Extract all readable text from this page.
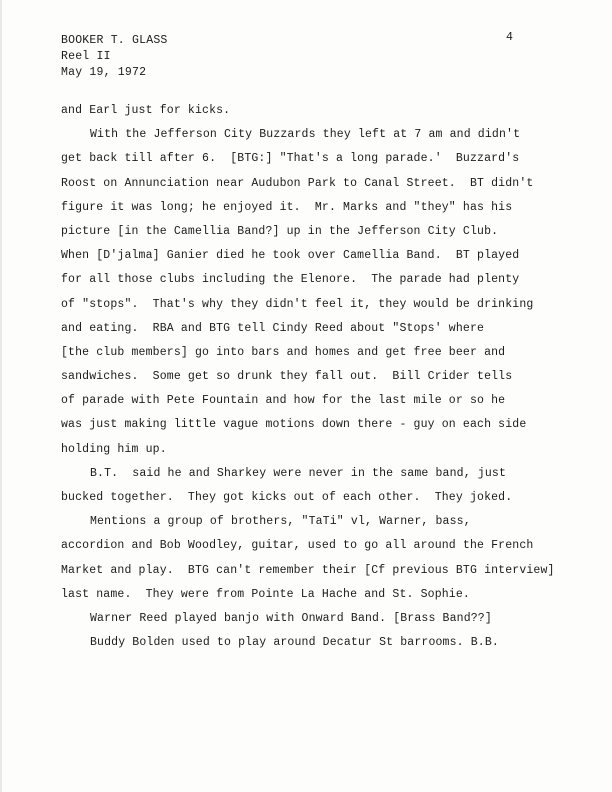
BOOKER T. GLASS
Reel II
May 19, 1972
4
and Earl just for kicks.
With the Jefferson City Buzzards they left at 7 am and didn't
get back till after 6.  [BTG:] "That's a long parade.'  Buzzard's
Roost on Annunciation near Audubon Park to Canal Street.  BT didn't
figure it was long; he enjoyed it.  Mr. Marks and "they" has his
picture [in the Camellia Band?] up in the Jefferson City Club.
When [D'jalma] Ganier died he took over Camellia Band.  BT played
for all those clubs including the Elenore.  The parade had plenty
of "stops".  That's why they didn't feel it, they would be drinking
and eating.  RBA and BTG tell Cindy Reed about "Stops' where
[the club members] go into bars and homes and get free beer and
sandwiches.  Some get so drunk they fall out.  Bill Crider tells
of parade with Pete Fountain and how for the last mile or so he
was just making little vague motions down there - guy on each side
holding him up.
B.T.  said he and Sharkey were never in the same band, just
bucked together.  They got kicks out of each other.  They joked.
Mentions a group of brothers, "TaTi" vl, Warner, bass,
accordion and Bob Woodley, guitar, used to go all around the French
Market and play.  BTG can't remember their [Cf previous BTG interview]
last name.  They were from Pointe La Hache and St. Sophie.
Warner Reed played banjo with Onward Band. [Brass Band??]
Buddy Bolden used to play around Decatur St barrooms. B.B.
